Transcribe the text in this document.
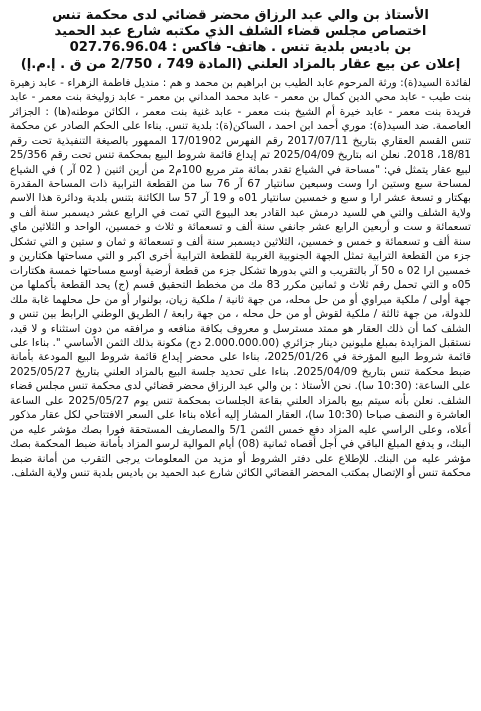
الأستاذ بن والي عبد الرزاق محضر قضائي لدى محكمة تنس
اختصاص مجلس قضاء الشلف الذي مكتبه شارع عبد الحميد
بن باديس بلدية تنس . هاتف- فاكس : 027.76.96.04
إعلان عن بيع عقار بالمزاد العلني (المادة 749 ، 2/750 من ق . إ.م.إ)

لفائدة السيد(ة): ورثة المرحوم عابد الطيب بن ابراهيم بن محمد و هم : منديل فاطمة الزهراء - عابد زهيرة بنت طيب - عابد محي الدين كمال بن معمر - عابد محمد المداني بن معمر - عابد زوليخة بنت معمر - عابد فريدة بنت معمر - عابد خيرة أم الشيخ بنت معمر - عابد غنية بنت معمر ، الكائن موطنه(ها) : الجزائر العاصمة. ضد السيد(ة): موري أحمد ابن احمد ، الساكن(ة): بلدية تنس. بناءا على الحكم الصادر عن محكمة تنس القسم العقاري بتاريخ 2017/07/11 رقم الفهرس 17/01902 الممهور بالصيغة التنفيذية تحت رقم 18/81، 2018. نعلن انه بتاريخ 2025/04/09 تم إيداع قائمة شروط البيع بمحكمة تنس تحت رقم 25/356 لبيع عقار يتمثل في: "مساحة في الشياع تقدر بمائة متر مربع 100م2 من أرين اثنين ( 02 آر ) في الشياع لمساحة سبع وستين ارا وست وسبعين سانتيار 67 آر 76 سا من القطعة الترابية ذات المساحة المقدرة بهكتار و تسعة عشر ارا و سبع و خمسين سانتيار 01ه و 19 آر 57 سا الكائنة بتنس بلدية ودائرة هذا الاسم ولاية الشلف والتي هي للسيد درمش عبد القادر بعد البيوع التي تمت في الرابع عشر ديسمبر سنة ألف و تسعمائة و ست و أربعين الرابع عشر جانفي سنة ألف و تسعمائة و ثلاث و خمسين، الواحد و الثلاثين ماي سنة ألف و تسعمائة و خمس و خمسين، الثلاثين ديسمبر سنة ألف و تسعمائة و ثمان و ستين و التي تشكل جزء من القطعة الترابية تمثل الجهة الجنوبية الغربية للقطعة الترابية أخرى اكبر و التي مساحتها هكتارين و خمسين ارا 02 ه 50 آر بالتقريب و التي بدورها تشكل جزء من قطعة أرضية أوسع مساحتها خمسة هكتارات 05ه و التي تحمل رقم ثلاث و ثمانين مكرر 83 مك من مخطط التحقيق قسم (ج) يحد القطعة بأكملها من جهة أولى / ملكية ميراوي أو من حل محله، من جهة ثانية / ملكية زيان، بولنوار أو من حل محلهما غابة ملك للدولة، من جهة ثالثة / ملكية لقوش أو من حل محله ، من جهة رابعة / الطريق الوطني الرابط بين تنس و الشلف كما أن ذلك العقار هو ممتد مسترسل و معروف بكافة منافعه و مرافقه من دون استثناء و لا قيد، نستقبل المزايدة بمبلغ مليونين دينار جزائري (2.000.000.00 دج) مكونة بذلك الثمن الأساسي ". بناءا على قائمة شروط البيع المؤرخة في 2025/01/26، بناءا على محضر إيداع قائمة شروط البيع المودعة بأمانة ضبط محكمة تنس بتاريخ 2025/04/09. بناءا على تحديد جلسة البيع بالمزاد العلني بتاريخ 2025/05/27 على الساعة: (10:30 سا). نحن الأستاذ : بن والي عبد الرزاق محضر قضائي لدى محكمة تنس مجلس قضاء الشلف. نعلن بأنه سيتم بيع بالمزاد العلني بقاعة الجلسات بمحكمة تنس يوم 2025/05/27 على الساعة العاشرة و النصف صباحا (10:30 سا)، العقار المشار إليه أعلاه بناءا على السعر الافتتاحي لكل عقار مذكور أعلاه، وعلى الراسي عليه المزاد دفع خمس الثمن 5/1 والمصاريف المستحقة فورا بصك مؤشر عليه من البنك، و يدفع المبلغ الباقي في أجل أقصاه ثمانية (08) أيام الموالية لرسو المزاد بأمانة ضبط المحكمة بصك مؤشر عليه من البنك. للإطلاع على دفتر الشروط أو مزيد من المعلومات يرجى التقرب من أمانة ضبط محكمة تنس أو الإتصال بمكتب المحضر القضائي الكائن شارع عبد الحميد بن باديس بلدية تنس ولاية الشلف.
